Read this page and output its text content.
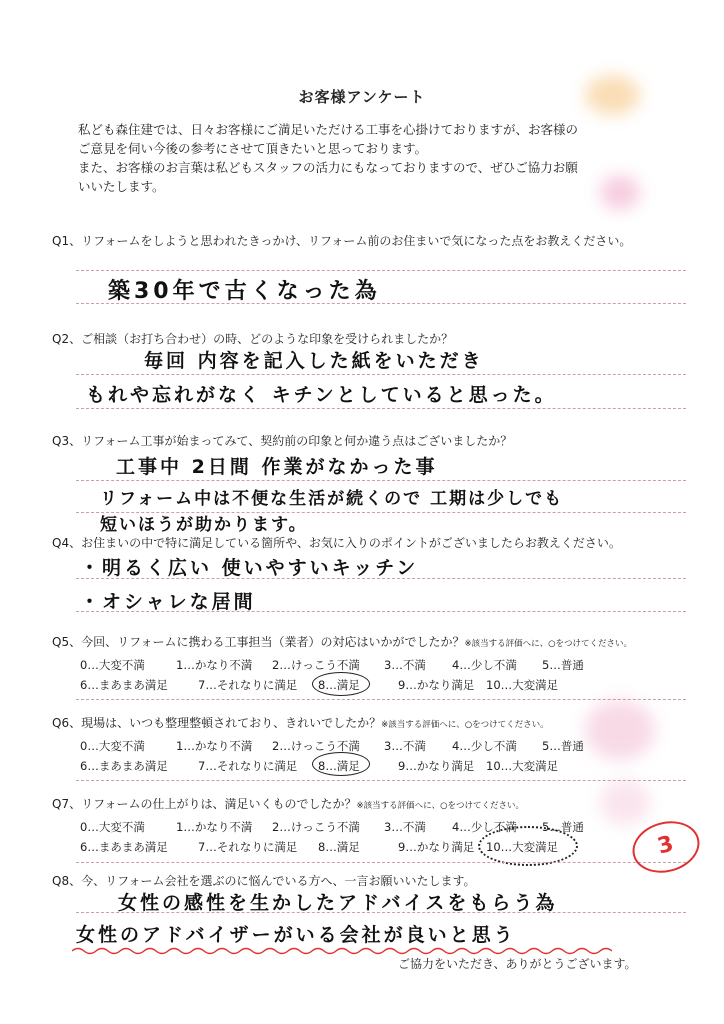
お客様アンケート
私ども森住建では、日々お客様にご満足いただける工事を心掛けておりますが、お客様の
ご意見を伺い今後の参考にさせて頂きたいと思っております。
また、お客様のお言葉は私どもスタッフの活力にもなっておりますので、ぜひご協力お願
いいたします。
Q1、リフォームをしようと思われたきっかけ、リフォーム前のお住まいで気になった点をお教えください。
築30年で古くなった為
Q2、ご相談（お打ち合わせ）の時、どのような印象を受けられましたか？
毎回 内容を記入した紙をいただき
もれや忘れがなく キチンとしていると思った。
Q3、リフォーム工事が始まってみて、契約前の印象と何か違う点はございましたか？
工事中 2日間 作業がなかった事
リフォーム中は不便な生活が続くので 工期は少しでも
短いほうが助かります。
Q4、お住まいの中で特に満足している箇所や、お気に入りのポイントがございましたらお教えください。
・明るく広い 使いやすいキッチン
・オシャレな居間
Q5、今回、リフォームに携わる工事担当（業者）の対応はいかがでしたか？※該当する評価へに、○をつけてください。
0…大変不満	1…かなり不満 2…けっこう不満 3…不満 4…少し不満 5…普通
6…まあまあ満足	7…それなりに満足 8…満足	9…かなり満足 10…大変満足
Q6、現場は、いつも整理整頓されており、きれいでしたか？※該当する評価へに、○をつけてください。
0…大変不満	1…かなり不満 2…けっこう不満 3…不満 4…少し不満 5…普通
6…まあまあ満足	7…それなりに満足 8…満足	9…かなり満足 10…大変満足
Q7、リフォームの仕上がりは、満足いくものでしたか？※該当する評価へに、○をつけてください。
0…大変不満	1…かなり不満 2…けっこう不満 3…不満 4…少し不満 5…普通
6…まあまあ満足	7…それなりに満足 8…満足	9…かなり満足 10…大変満足	3
Q8、今、リフォーム会社を選ぶのに悩んでいる方へ、一言お願いいたします。
女性の感性を生かしたアドバイスをもらう為
女性のアドバイザーがいる会社が良いと思う
ご協力をいただき、ありがとうございます。
